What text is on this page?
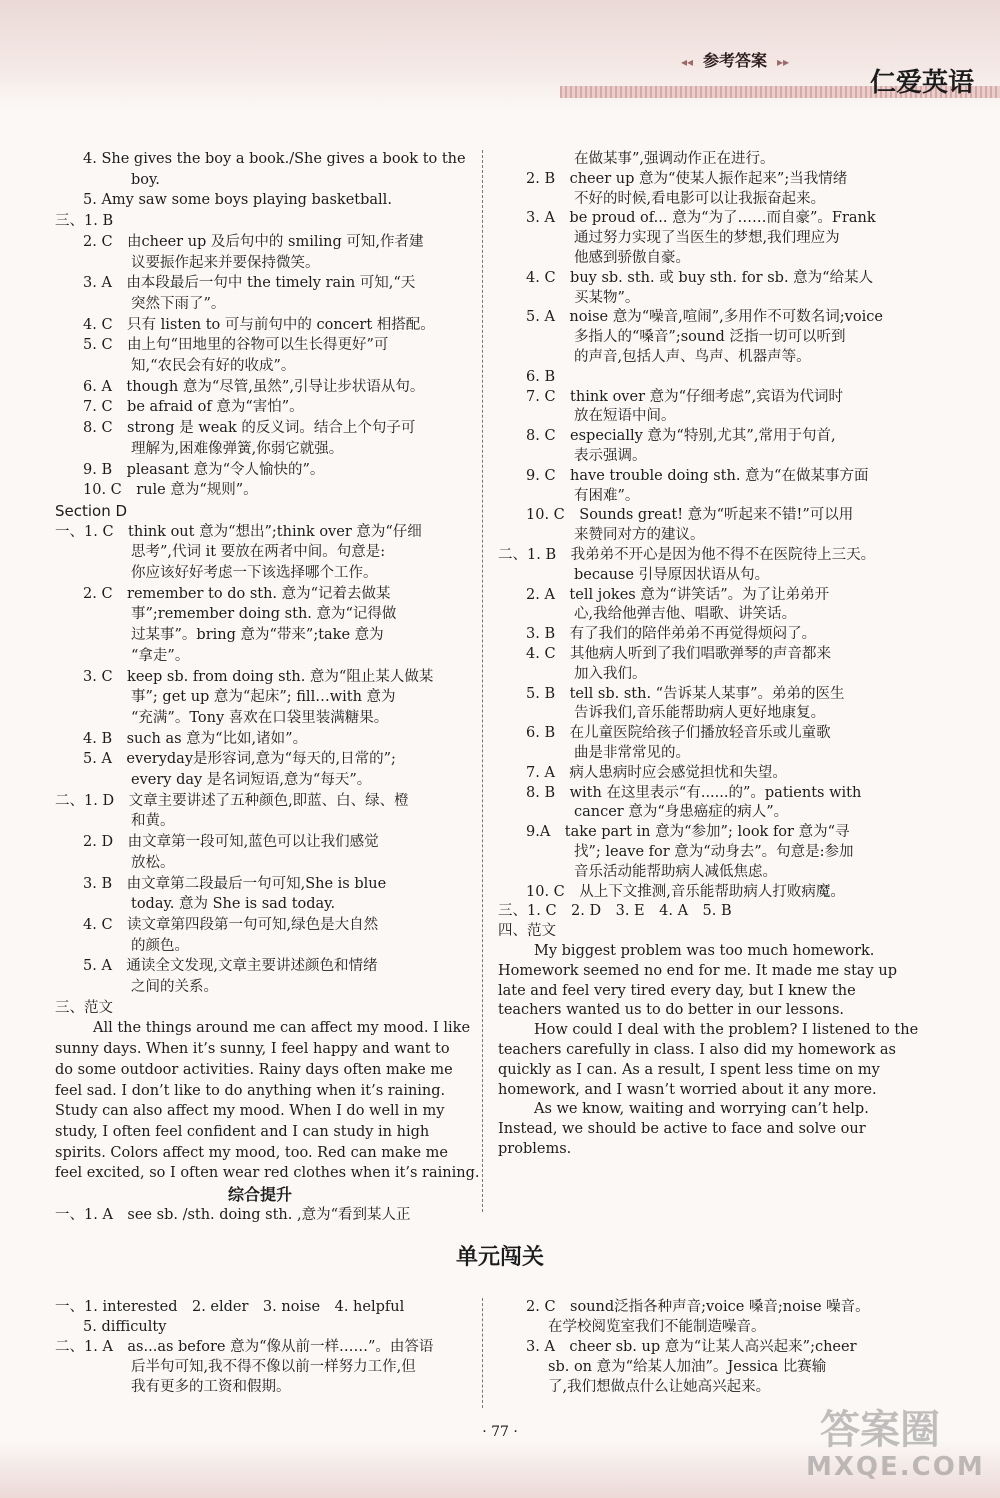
◂◂ 参考答案 ▸▸
仁爱英语
4. She gives the boy a book./She gives a book to the
boy.
5. Amy saw some boys playing basketball.
三、1. B
2. C　由cheer up 及后句中的 smiling 可知,作者建
议要振作起来并要保持微笑。
3. A　由本段最后一句中 the timely rain 可知,“天
突然下雨了”。
4. C　只有 listen to 可与前句中的 concert 相搭配。
5. C　由上句“田地里的谷物可以生长得更好”可
知,“农民会有好的收成”。
6. A　though 意为“尽管,虽然”,引导让步状语从句。
7. C　be afraid of 意为“害怕”。
8. C　strong 是 weak 的反义词。结合上个句子可
理解为,困难像弹簧,你弱它就强。
9. B　pleasant 意为“令人愉快的”。
10. C　rule 意为“规则”。
Section D
一、1. C　think out 意为“想出”;think over 意为“仔细
思考”,代词 it 要放在两者中间。句意是:
你应该好好考虑一下该选择哪个工作。
2. C　remember to do sth. 意为“记着去做某
事”;remember doing sth. 意为“记得做
过某事”。bring 意为“带来”;take 意为
“拿走”。
3. C　keep sb. from doing sth. 意为“阻止某人做某
事”; get up 意为“起床”; fill…with 意为
“充满”。Tony 喜欢在口袋里装满糖果。
4. B　such as 意为“比如,诸如”。
5. A　everyday是形容词,意为“每天的,日常的”;
every day 是名词短语,意为“每天”。
二、1. D　文章主要讲述了五种颜色,即蓝、白、绿、橙
和黄。
2. D　由文章第一段可知,蓝色可以让我们感觉
放松。
3. B　由文章第二段最后一句可知,She is blue
today. 意为 She is sad today.
4. C　读文章第四段第一句可知,绿色是大自然
的颜色。
5. A　通读全文发现,文章主要讲述颜色和情绪
之间的关系。
三、范文
All the things around me can affect my mood. I like
sunny days. When it’s sunny, I feel happy and want to
do some outdoor activities. Rainy days often make me
feel sad. I don’t like to do anything when it’s raining.
Study can also affect my mood. When I do well in my
study, I often feel confident and I can study in high
spirits. Colors affect my mood, too. Red can make me
feel excited, so I often wear red clothes when it’s raining.
综合提升
一、1. A　see sb. /sth. doing sth. ,意为“看到某人正
在做某事”,强调动作正在进行。
2. B　cheer up 意为“使某人振作起来”;当我情绪
不好的时候,看电影可以让我振奋起来。
3. A　be proud of... 意为“为了……而自豪”。Frank
通过努力实现了当医生的梦想,我们理应为
他感到骄傲自豪。
4. C　buy sb. sth. 或 buy sth. for sb. 意为“给某人
买某物”。
5. A　noise 意为“噪音,喧闹”,多用作不可数名词;voice
多指人的“嗓音”;sound 泛指一切可以听到
的声音,包括人声、鸟声、机器声等。
6. B
7. C　think over 意为“仔细考虑”,宾语为代词时
放在短语中间。
8. C　especially 意为“特别,尤其”,常用于句首,
表示强调。
9. C　have trouble doing sth. 意为“在做某事方面
有困难”。
10. C　Sounds great! 意为“听起来不错!”可以用
来赞同对方的建议。
二、1. B　我弟弟不开心是因为他不得不在医院待上三天。
because 引导原因状语从句。
2. A　tell jokes 意为“讲笑话”。为了让弟弟开
心,我给他弹吉他、唱歌、讲笑话。
3. B　有了我们的陪伴弟弟不再觉得烦闷了。
4. C　其他病人听到了我们唱歌弹琴的声音都来
加入我们。
5. B　tell sb. sth. “告诉某人某事”。弟弟的医生
告诉我们,音乐能帮助病人更好地康复。
6. B　在儿童医院给孩子们播放轻音乐或儿童歌
曲是非常常见的。
7. A　病人患病时应会感觉担忧和失望。
8. B　with 在这里表示“有......的”。patients with
cancer 意为“身患癌症的病人”。
9.A　take part in 意为“参加”; look for 意为“寻
找”; leave for 意为“动身去”。句意是:参加
音乐活动能帮助病人减低焦虑。
10. C　从上下文推测,音乐能帮助病人打败病魔。
三、1. C　2. D　3. E　4. A　5. B
四、范文
My biggest problem was too much homework.
Homework seemed no end for me. It made me stay up
late and feel very tired every day, but I knew the
teachers wanted us to do better in our lessons.
How could I deal with the problem? I listened to the
teachers carefully in class. I also did my homework as
quickly as I can. As a result, I spent less time on my
homework, and I wasn’t worried about it any more.
As we know, waiting and worrying can’t help.
Instead, we should be active to face and solve our
problems.
单元闯关
一、1. interested　2. elder　3. noise　4. helpful
5. difficulty
二、1. A　as...as before 意为“像从前一样……”。由答语
后半句可知,我不得不像以前一样努力工作,但
我有更多的工资和假期。
2. C　sound泛指各种声音;voice 嗓音;noise 噪音。
在学校阅览室我们不能制造噪音。
3. A　cheer sb. up 意为“让某人高兴起来”;cheer
sb. on 意为“给某人加油”。Jessica 比赛输
了,我们想做点什么让她高兴起来。
· 77 ·	答案圈
MXQE.COM
